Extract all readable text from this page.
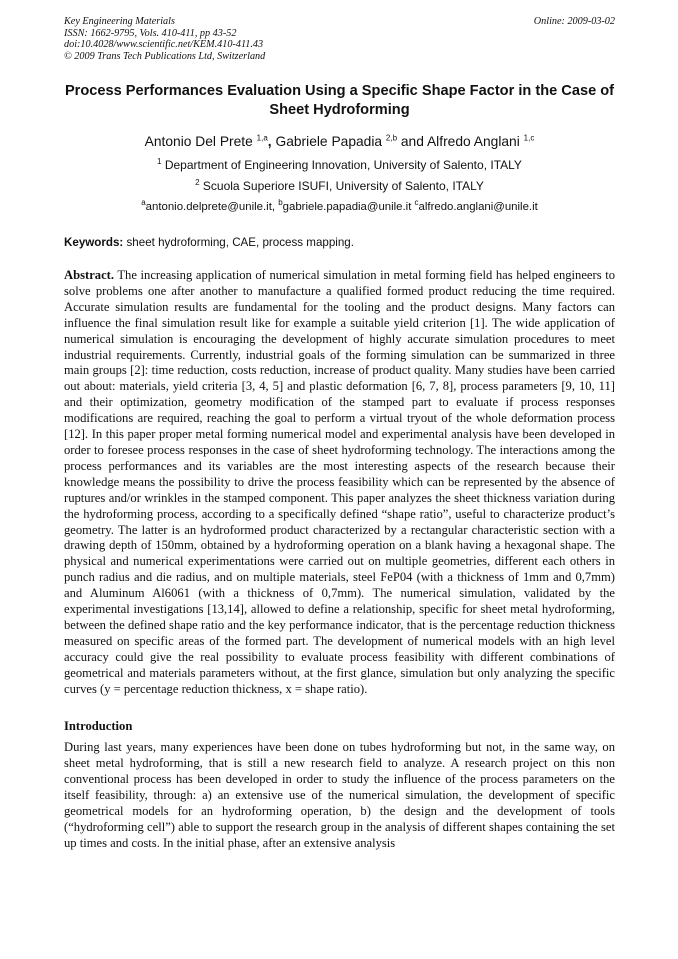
Key Engineering Materials
ISSN: 1662-9795, Vols. 410-411, pp 43-52
doi:10.4028/www.scientific.net/KEM.410-411.43
© 2009 Trans Tech Publications Ltd, Switzerland
Online: 2009-03-02
Process Performances Evaluation Using a Specific Shape Factor in the Case of Sheet Hydroforming
Antonio Del Prete $^{1,a}$, Gabriele Papadia $^{2,b}$ and Alfredo Anglani $^{1,c}$
$^1$ Department of Engineering Innovation, University of Salento, ITALY
$^2$ Scuola Superiore ISUFI, University of Salento, ITALY
$^a$antonio.delprete@unile.it, $^b$gabriele.papadia@unile.it $^c$alfredo.anglani@unile.it
Keywords: sheet hydroforming, CAE, process mapping.
Abstract. The increasing application of numerical simulation in metal forming field has helped engineers to solve problems one after another to manufacture a qualified formed product reducing the time required. Accurate simulation results are fundamental for the tooling and the product designs. Many factors can influence the final simulation result like for example a suitable yield criterion [1]. The wide application of numerical simulation is encouraging the development of highly accurate simulation procedures to meet industrial requirements. Currently, industrial goals of the forming simulation can be summarized in three main groups [2]: time reduction, costs reduction, increase of product quality. Many studies have been carried out about: materials, yield criteria [3, 4, 5] and plastic deformation [6, 7, 8], process parameters [9, 10, 11] and their optimization, geometry modification of the stamped part to evaluate if process responses modifications are required, reaching the goal to perform a virtual tryout of the whole deformation process [12]. In this paper proper metal forming numerical model and experimental analysis have been developed in order to foresee process responses in the case of sheet hydroforming technology. The interactions among the process performances and its variables are the most interesting aspects of the research because their knowledge means the possibility to drive the process feasibility which can be represented by the absence of ruptures and/or wrinkles in the stamped component. This paper analyzes the sheet thickness variation during the hydroforming process, according to a specifically defined “shape ratio”, useful to characterize product’s geometry. The latter is an hydroformed product characterized by a rectangular characteristic section with a drawing depth of 150mm, obtained by a hydroforming operation on a blank having a hexagonal shape. The physical and numerical experimentations were carried out on multiple geometries, different each others in punch radius and die radius, and on multiple materials, steel FeP04 (with a thickness of 1mm and 0,7mm) and Aluminum Al6061 (with a thickness of 0,7mm). The numerical simulation, validated by the experimental investigations [13,14], allowed to define a relationship, specific for sheet metal hydroforming, between the defined shape ratio and the key performance indicator, that is the percentage reduction thickness measured on specific areas of the formed part. The development of numerical models with an high level accuracy could give the real possibility to evaluate process feasibility with different combinations of geometrical and materials parameters without, at the first glance, simulation but only analyzing the specific curves (y = percentage reduction thickness, x = shape ratio).
Introduction
During last years, many experiences have been done on tubes hydroforming but not, in the same way, on sheet metal hydroforming, that is still a new research field to analyze. A research project on this non conventional process has been developed in order to study the influence of the process parameters on the itself feasibility, through: a) an extensive use of the numerical simulation, the development of specific geometrical models for an hydroforming operation, b) the design and the development of tools (“hydroforming cell”) able to support the research group in the analysis of different shapes containing the set up times and costs. In the initial phase, after an extensive analysis
